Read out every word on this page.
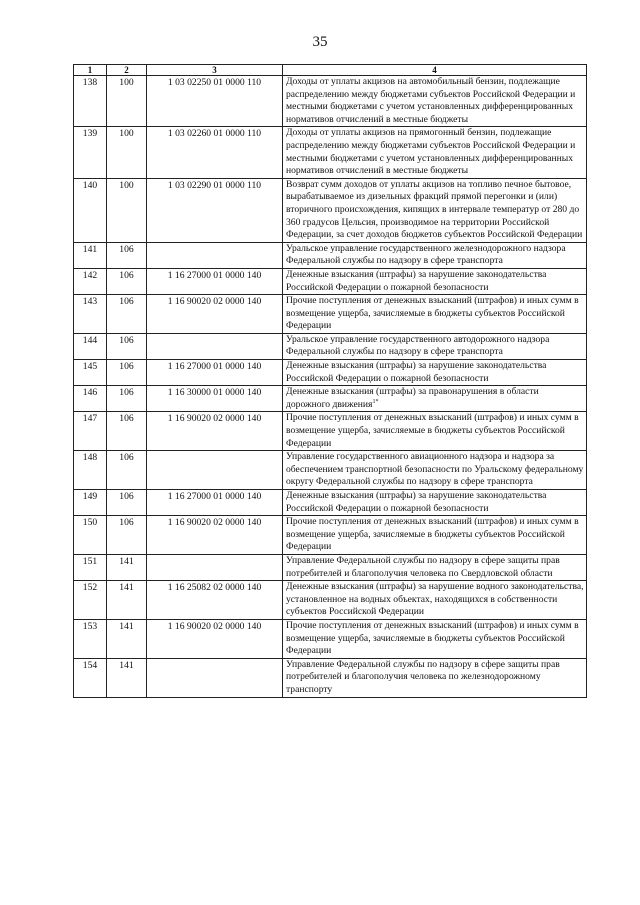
35
1	2	3	4
138	100	1 03 02250 01 0000 110	Доходы от уплаты акцизов на автомобильный бензин, подлежащие распределению между бюджетами субъектов Российской Федерации и местными бюджетами с учетом установленных дифференцированных нормативов отчислений в местные бюджеты
139	100	1 03 02260 01 0000 110	Доходы от уплаты акцизов на прямогонный бензин, подлежащие распределению между бюджетами субъектов Российской Федерации и местными бюджетами с учетом установленных дифференцированных нормативов отчислений в местные бюджеты
140	100	1 03 02290 01 0000 110	Возврат сумм доходов от уплаты акцизов на топливо печное бытовое, вырабатываемое из дизельных фракций прямой перегонки и (или) вторичного происхождения, кипящих в интервале температур от 280 до 360 градусов Цельсия, производимое на территории Российской Федерации, за счет доходов бюджетов субъектов Российской Федерации
141	106		Уральское управление государственного железнодорожного надзора Федеральной службы по надзору в сфере транспорта
142	106	1 16 27000 01 0000 140	Денежные взыскания (штрафы) за нарушение законодательства Российской Федерации о пожарной безопасности
143	106	1 16 90020 02 0000 140	Прочие поступления от денежных взысканий (штрафов) и иных сумм в возмещение ущерба, зачисляемые в бюджеты субъектов Российской Федерации
144	106		Уральское управление государственного автодорожного надзора Федеральной службы по надзору в сфере транспорта
145	106	1 16 27000 01 0000 140	Денежные взыскания (штрафы) за нарушение законодательства Российской Федерации о пожарной безопасности
146	106	1 16 30000 01 0000 140	Денежные взыскания (штрафы) за правонарушения в области дорожного движения$^{1*}$
147	106	1 16 90020 02 0000 140	Прочие поступления от денежных взысканий (штрафов) и иных сумм в возмещение ущерба, зачисляемые в бюджеты субъектов Российской Федерации
148	106		Управление государственного авиационного надзора и надзора за обеспечением транспортной безопасности по Уральскому федеральному округу Федеральной службы по надзору в сфере транспорта
149	106	1 16 27000 01 0000 140	Денежные взыскания (штрафы) за нарушение законодательства Российской Федерации о пожарной безопасности
150	106	1 16 90020 02 0000 140	Прочие поступления от денежных взысканий (штрафов) и иных сумм в возмещение ущерба, зачисляемые в бюджеты субъектов Российской Федерации
151	141		Управление Федеральной службы по надзору в сфере защиты прав потребителей и благополучия человека по Свердловской области
152	141	1 16 25082 02 0000 140	Денежные взыскания (штрафы) за нарушение водного законодательства, установленное на водных объектах, находящихся в собственности субъектов Российской Федерации
153	141	1 16 90020 02 0000 140	Прочие поступления от денежных взысканий (штрафов) и иных сумм в возмещение ущерба, зачисляемые в бюджеты субъектов Российской Федерации
154	141		Управление Федеральной службы по надзору в сфере защиты прав потребителей и благополучия человека по железнодорожному транспорту
